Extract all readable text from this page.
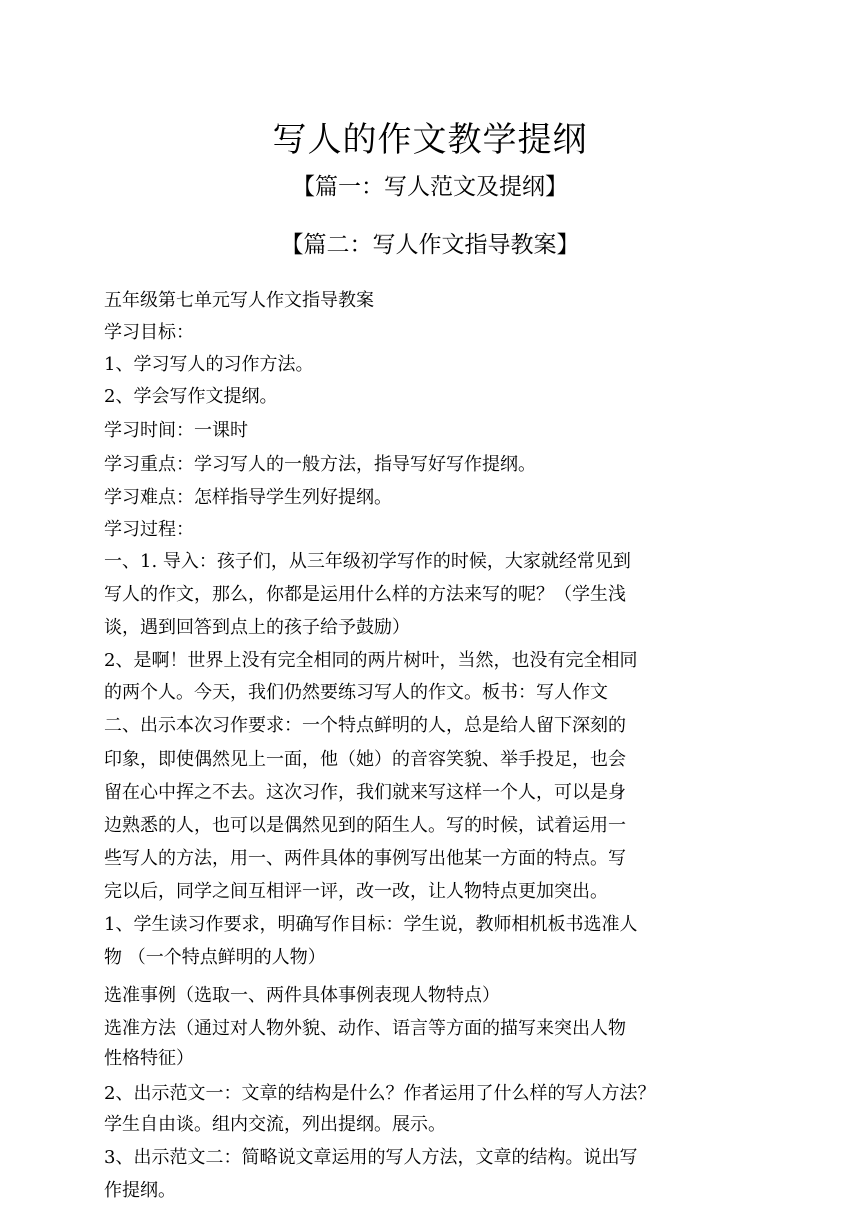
写人的作文教学提纲
【篇一：写人范文及提纲】
【篇二：写人作文指导教案】
五年级第七单元写人作文指导教案
学习目标：
1、学习写人的习作方法。
2、学会写作文提纲。
学习时间：一课时
学习重点：学习写人的一般方法，指导写好写作提纲。
学习难点：怎样指导学生列好提纲。
学习过程：
一、1. 导入：孩子们，从三年级初学写作的时候，大家就经常见到
写人的作文，那么，你都是运用什么样的方法来写的呢？（学生浅
谈，遇到回答到点上的孩子给予鼓励）
2、是啊！世界上没有完全相同的两片树叶，当然，也没有完全相同
的两个人。今天，我们仍然要练习写人的作文。板书：写人作文
二、出示本次习作要求：一个特点鲜明的人，总是给人留下深刻的
印象，即使偶然见上一面，他（她）的音容笑貌、举手投足，也会
留在心中挥之不去。这次习作，我们就来写这样一个人，可以是身
边熟悉的人，也可以是偶然见到的陌生人。写的时候，试着运用一
些写人的方法，用一、两件具体的事例写出他某一方面的特点。写
完以后，同学之间互相评一评，改一改，让人物特点更加突出。
1、学生读习作要求，明确写作目标：学生说，教师相机板书选准人
物 （一个特点鲜明的人物）
选准事例（选取一、两件具体事例表现人物特点）
选准方法（通过对人物外貌、动作、语言等方面的描写来突出人物
性格特征）
2、出示范文一：文章的结构是什么？作者运用了什么样的写人方法？
学生自由谈。组内交流，列出提纲。展示。
3、出示范文二：简略说文章运用的写人方法，文章的结构。说出写
作提纲。
